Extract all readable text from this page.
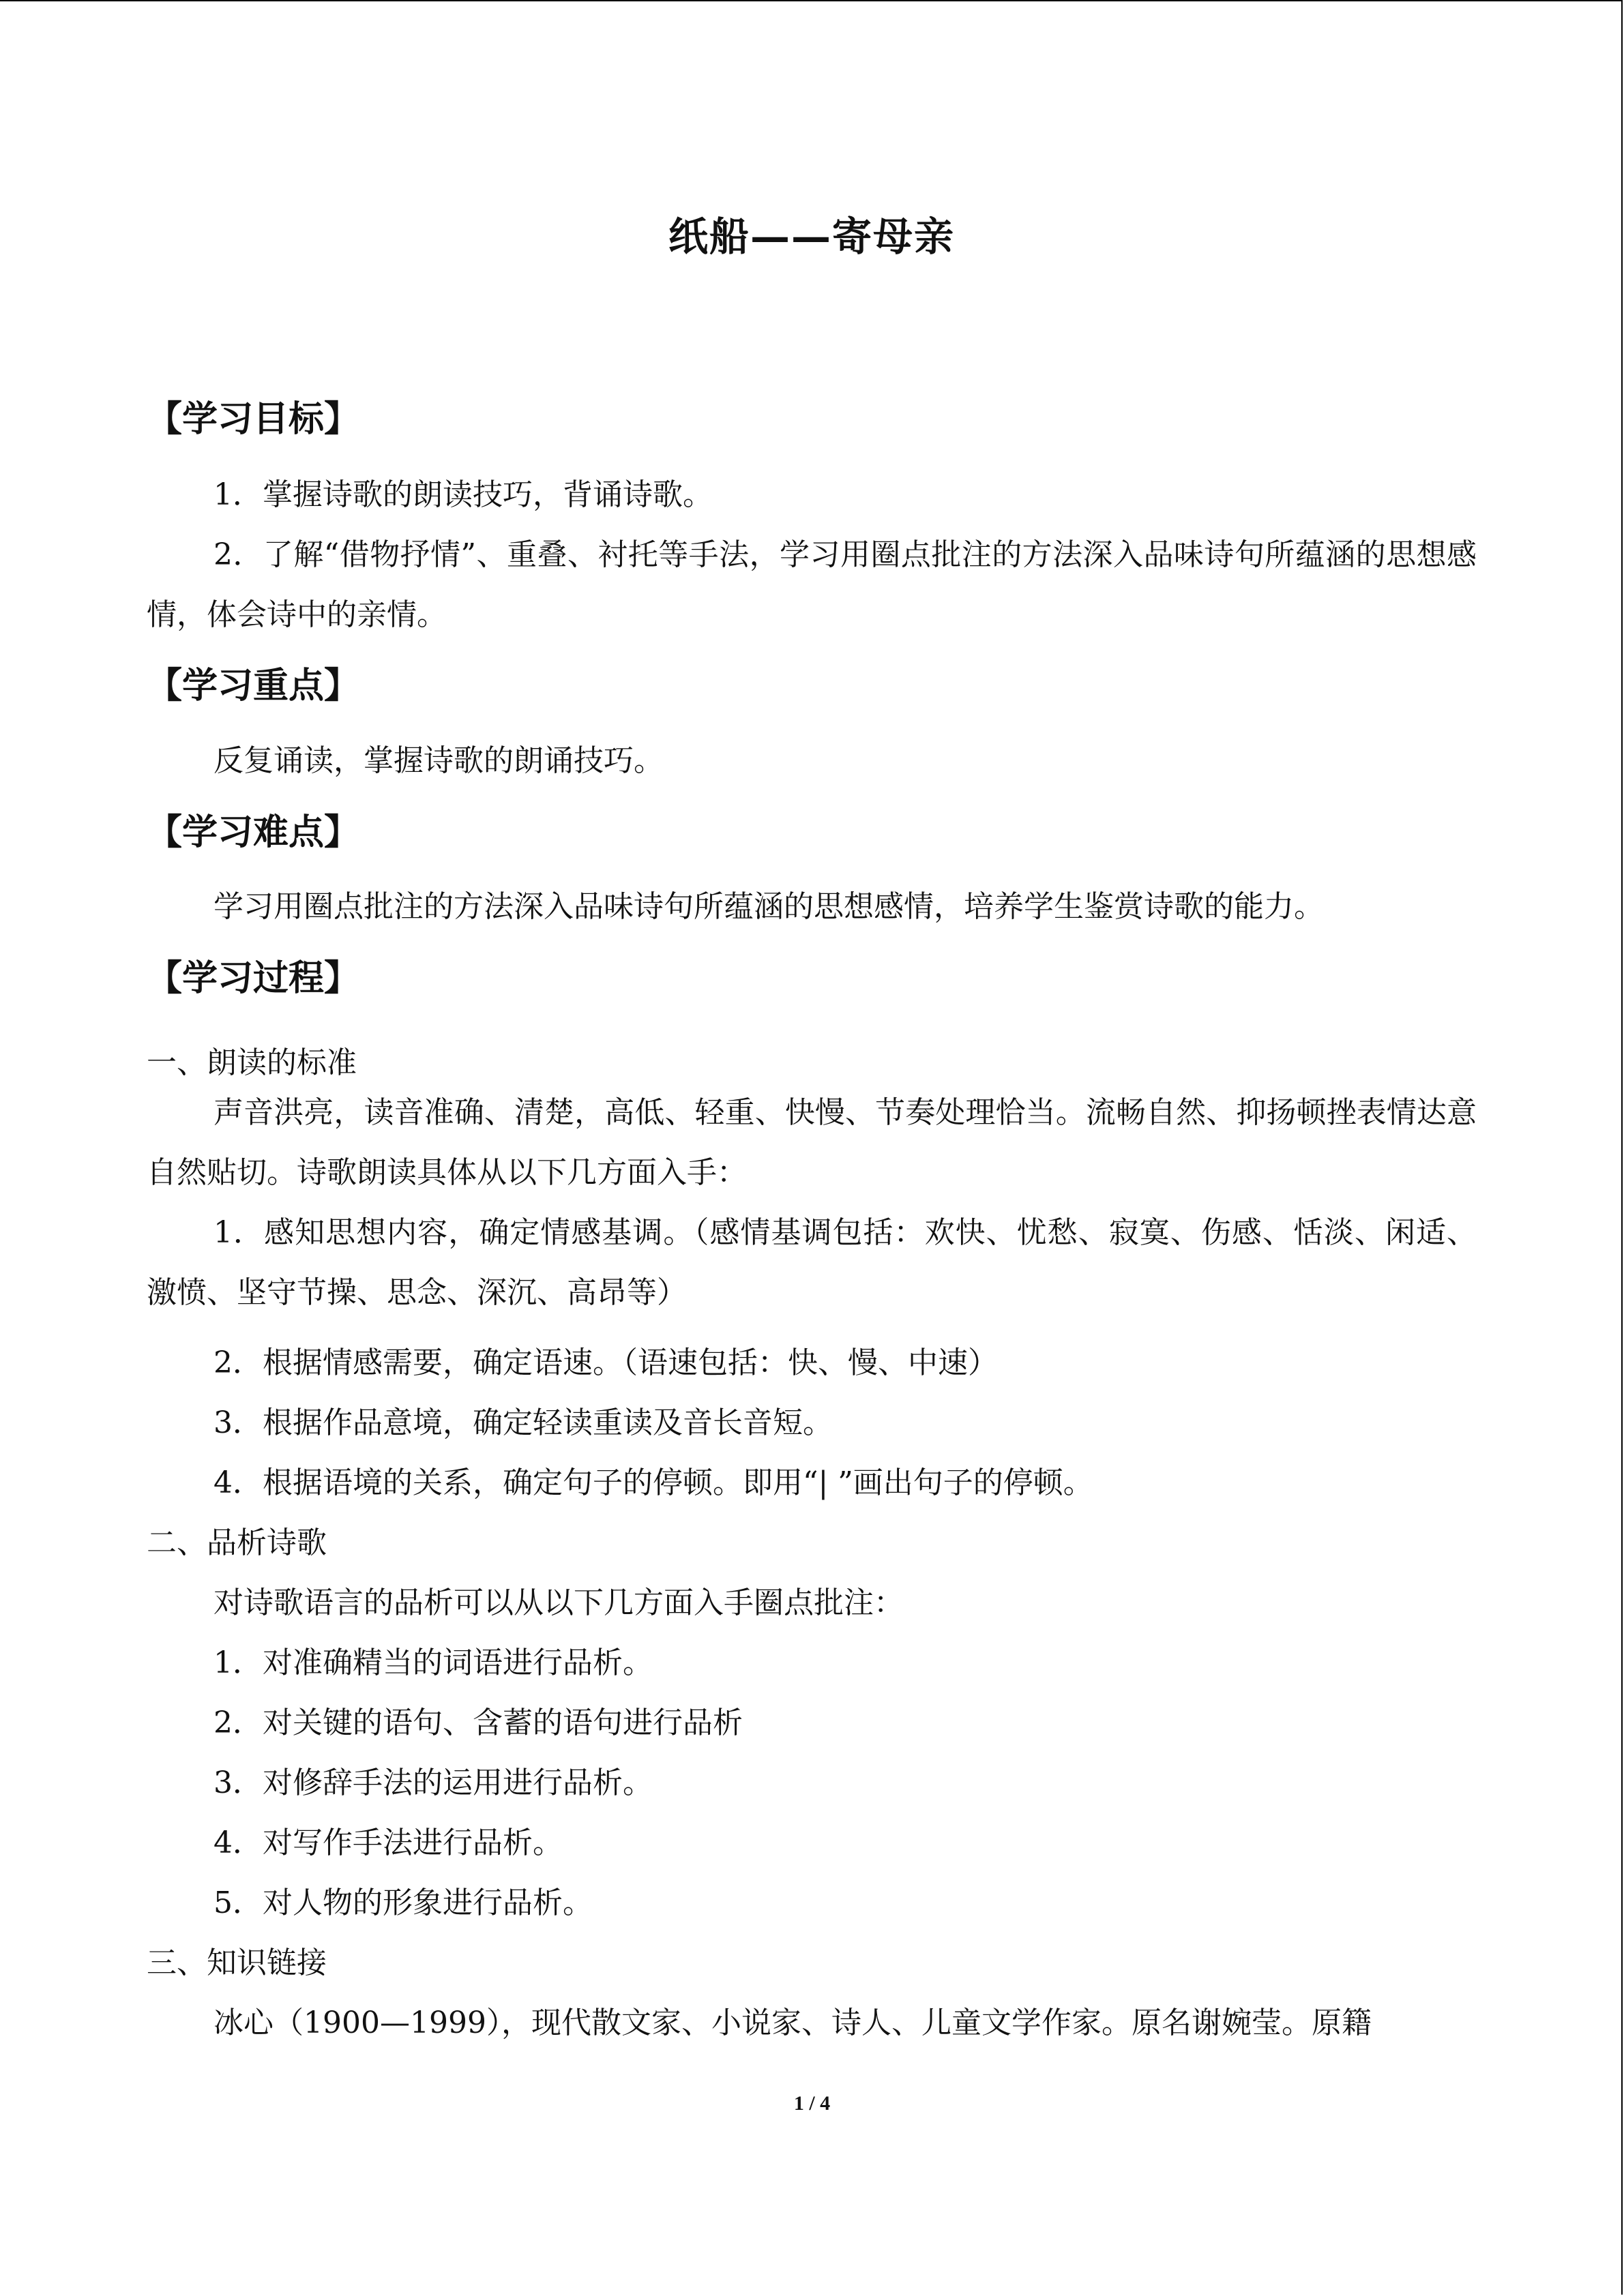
纸船——寄母亲
【学习目标】
1．掌握诗歌的朗读技巧，背诵诗歌。
2．了解“借物抒情”、重叠、衬托等手法，学习用圈点批注的方法深入品味诗句所蕴涵的思想感情，体会诗中的亲情。
【学习重点】
反复诵读，掌握诗歌的朗诵技巧。
【学习难点】
学习用圈点批注的方法深入品味诗句所蕴涵的思想感情，培养学生鉴赏诗歌的能力。
【学习过程】
一、朗读的标准
声音洪亮，读音准确、清楚，高低、轻重、快慢、节奏处理恰当。流畅自然、抑扬顿挫表情达意自然贴切。诗歌朗读具体从以下几方面入手：
1．感知思想内容，确定情感基调。（感情基调包括：欢快、忧愁、寂寞、伤感、恬淡、闲适、激愤、坚守节操、思念、深沉、高昂等）
2．根据情感需要，确定语速。（语速包括：快、慢、中速）
3．根据作品意境，确定轻读重读及音长音短。
4．根据语境的关系，确定句子的停顿。即用“| ”画出句子的停顿。
二、品析诗歌
对诗歌语言的品析可以从以下几方面入手圈点批注：
1．对准确精当的词语进行品析。
2．对关键的语句、含蓄的语句进行品析
3．对修辞手法的运用进行品析。
4．对写作手法进行品析。
5．对人物的形象进行品析。
三、知识链接
冰心（1900—1999），现代散文家、小说家、诗人、儿童文学作家。原名谢婉莹。原籍
1 / 4
